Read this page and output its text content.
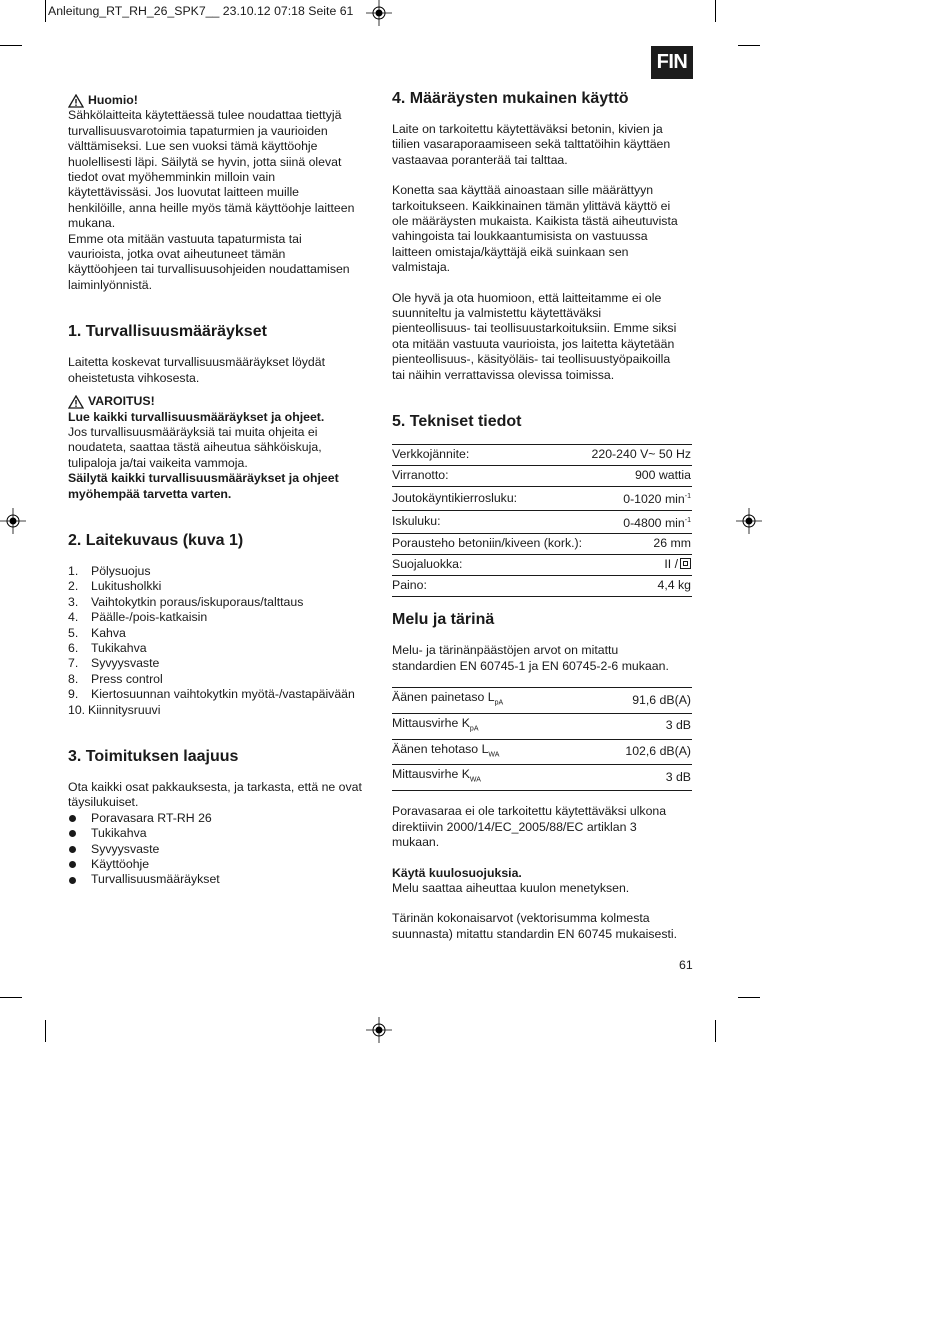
Anleitung_RT_RH_26_SPK7__ 23.10.12 07:18 Seite 61
FIN
Huomio!

Sähkölaitteita käytettäessä tulee noudattaa tiettyjä

turvallisuusvarotoimia tapaturmien ja vaurioiden

välttämiseksi. Lue sen vuoksi tämä käyttöohje

huolellisesti läpi. Säilytä se hyvin, jotta siinä olevat

tiedot ovat myöhemminkin milloin vain

käytettävissäsi. Jos luovutat laitteen muille

henkilöille, anna heille myös tämä käyttöohje laitteen

mukana.

Emme ota mitään vastuuta tapaturmista tai

vaurioista, jotka ovat aiheutuneet tämän

käyttöohjeen tai turvallisuusohjeiden noudattamisen

laiminlyönnistä.

1. Turvallisuusmääräykset

Laitetta koskevat turvallisuusmääräykset löydät

oheistetusta vihkosesta.

VAROITUS!

Lue kaikki turvallisuusmääräykset ja ohjeet.

Jos turvallisuusmääräyksiä tai muita ohjeita ei

noudateta, saattaa tästä aiheutua sähköiskuja,

tulipaloja ja/tai vaikeita vammoja.

Säilytä kaikki turvallisuusmääräykset ja ohjeet

myöhempää tarvetta varten.

2. Laitekuvaus (kuva 1)
1.	Pölysuojus
2.	Lukitusholkki
3.	Vaihtokytkin poraus/iskuporaus/talttaus
4.	Päälle-/pois-katkaisin
5.	Kahva
6.	Tukikahva
7.	Syvyysvaste
8.	Press control
9.	Kiertosuunnan vaihtokytkin myötä-/vastapäivään
10. Kiinnitysruuvi
3. Toimituksen laajuus

Ota kaikki osat pakkauksesta, ja tarkasta, että ne ovat

täysilukuiset.

Poravasara RT-RH 26
Tukikahva
Syvyysvaste
Käyttöohje
Turvallisuusmääräykset
4. Määräysten mukainen käyttö

Laite on tarkoitettu käytettäväksi betonin, kivien ja

tiilien vasaraporaamiseen sekä talttatöihin käyttäen

vastaavaa poranterää tai talttaa.

Konetta saa käyttää ainoastaan sille määrättyyn

tarkoitukseen. Kaikkinainen tämän ylittävä käyttö ei

ole määräysten mukaista. Kaikista tästä aiheutuvista

vahingoista tai loukkaantumisista on vastuussa

laitteen omistaja/käyttäjä eikä suinkaan sen

valmistaja.

Ole hyvä ja ota huomioon, että laitteitamme ei ole

suunniteltu ja valmistettu käytettäväksi

pienteollisuus- tai teollisuustarkoituksiin. Emme siksi

ota mitään vastuuta vaurioista, jos laitetta käytetään

pienteollisuus-, käsityöläis- tai teollisuustyöpaikoilla

tai näihin verrattavissa olevissa toimissa.

5. Tekniset tiedot
Verkkojännite:	220-240 V~ 50 Hz
Virranotto:	900 wattia
Joutokäyntikierrosluku:	0-1020 $\min^{-1}$
Iskuluku:	0-4800 $\min^{-1}$
Porausteho betoniin/kiveen (kork.):	26 mm
Suojaluokka:	II /
Paino:	4,4 kg
Melu ja tärinä

Melu- ja tärinänpäästöjen arvot on mitattu

standardien EN 60745-1 ja EN 60745-2-6 mukaan.

Äänen painetaso $L_{pA}$	91,6 dB(A)
Mittausvirhe $K_{pA}$	3 dB
Äänen tehotaso $L_{WA}$	102,6 dB(A)
Mittausvirhe $K_{WA}$	3 dB

Poravasaraa ei ole tarkoitettu käytettäväksi ulkona

direktiivin 2000/14/EC_2005/88/EC artiklan 3

mukaan.

Käytä kuulosuojuksia.

Melu saattaa aiheuttaa kuulon menetyksen.

Tärinän kokonaisarvot (vektorisumma kolmesta

suunnasta) mitattu standardin EN 60745 mukaisesti.

61
